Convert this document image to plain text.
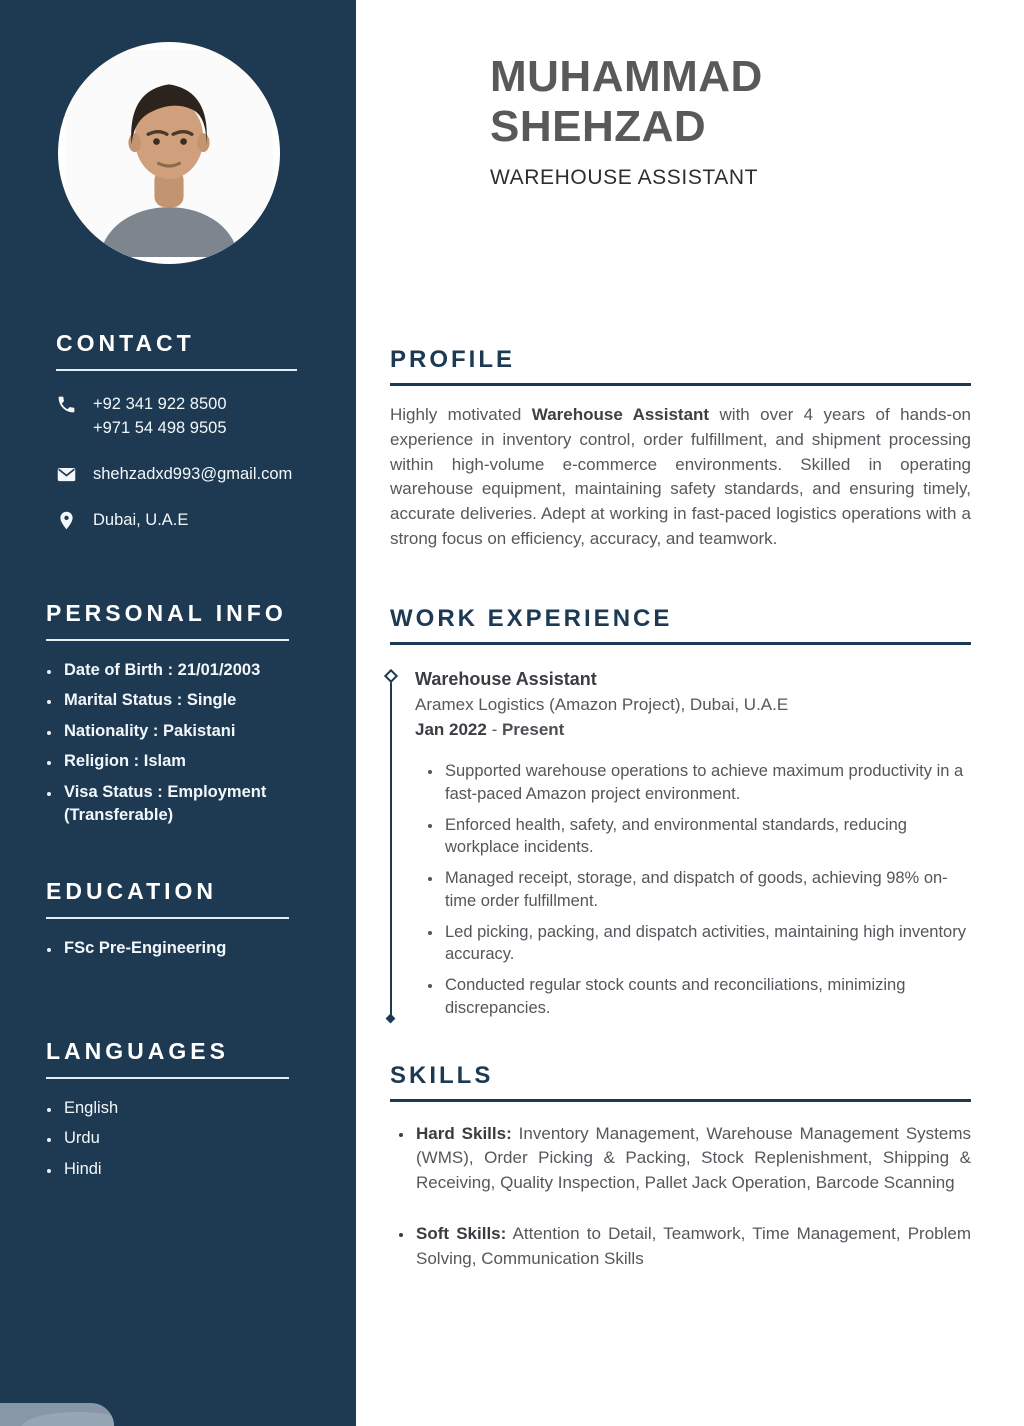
CONTACT
+92 341 922 8500
+971 54 498 9505
shehzadxd993@gmail.com
Dubai, U.A.E
PERSONAL INFO
• Date of Birth : 21/01/2003
• Marital Status : Single
• Nationality : Pakistani
• Religion : Islam
• Visa Status : Employment (Transferable)
EDUCATION
• FSc Pre-Engineering
LANGUAGES
• English
• Urdu
• Hindi
MUHAMMAD
SHEHZAD
WAREHOUSE ASSISTANT
PROFILE

Highly motivated Warehouse Assistant with over 4 years of hands-on experience in inventory control, order fulfillment, and shipment processing within high-volume e-commerce environments. Skilled in operating warehouse equipment, maintaining safety standards, and ensuring timely, accurate deliveries. Adept at working in fast-paced logistics operations with a strong focus on efficiency, accuracy, and teamwork.

WORK EXPERIENCE
Warehouse Assistant
Aramex Logistics (Amazon Project), Dubai, U.A.E
Jan 2022 - Present
• Supported warehouse operations to achieve maximum productivity in a fast-paced Amazon project environment.
• Enforced health, safety, and environmental standards, reducing workplace incidents.
• Managed receipt, storage, and dispatch of goods, achieving 98% on-time order fulfillment.
• Led picking, packing, and dispatch activities, maintaining high inventory accuracy.
• Conducted regular stock counts and reconciliations, minimizing discrepancies.
SKILLS
• Hard Skills: Inventory Management, Warehouse Management Systems (WMS), Order Picking & Packing, Stock Replenishment, Shipping & Receiving, Quality Inspection, Pallet Jack Operation, Barcode Scanning
• Soft Skills: Attention to Detail, Teamwork, Time Management, Problem Solving, Communication Skills
